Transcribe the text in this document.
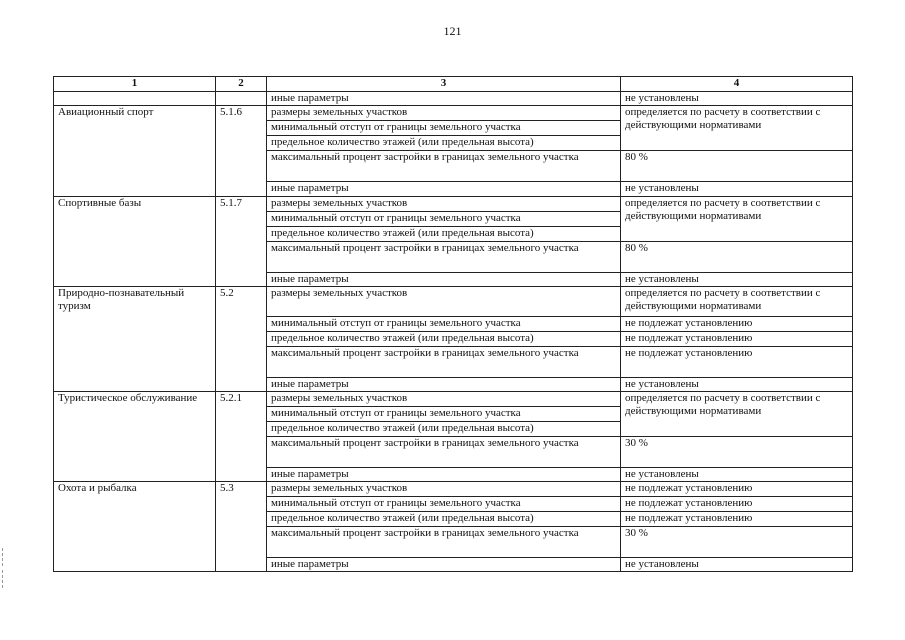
121
1	2	3	4
		иные параметры	не установлены
Авиационный спорт	5.1.6	размеры земельных участков	определяется по расчету в соответствии с действующими нормативами
		минимальный отступ от границы земельного участка	
		предельное количество этажей (или предельная высота)	
		максимальный процент застройки в границах земельного участка	80 %
		иные параметры	не установлены
Спортивные базы	5.1.7	размеры земельных участков	определяется по расчету в соответствии с действующими нормативами
		минимальный отступ от границы земельного участка	
		предельное количество этажей (или предельная высота)	
		максимальный процент застройки в границах земельного участка	80 %
		иные параметры	не установлены
Природно-познавательный туризм	5.2	размеры земельных участков	определяется по расчету в соответствии с действующими нормативами
		минимальный отступ от границы земельного участка	не подлежат установлению
		предельное количество этажей (или предельная высота)	не подлежат установлению
		максимальный процент застройки в границах земельного участка	не подлежат установлению
		иные параметры	не установлены
Туристическое обслуживание	5.2.1	размеры земельных участков	определяется по расчету в соответствии с действующими нормативами
		минимальный отступ от границы земельного участка	
		предельное количество этажей (или предельная высота)	
		максимальный процент застройки в границах земельного участка	30 %
		иные параметры	не установлены
Охота и рыбалка	5.3	размеры земельных участков	не подлежат установлению
		минимальный отступ от границы земельного участка	не подлежат установлению
		предельное количество этажей (или предельная высота)	не подлежат установлению
		максимальный процент застройки в границах земельного участка	30 %
		иные параметры	не установлены
